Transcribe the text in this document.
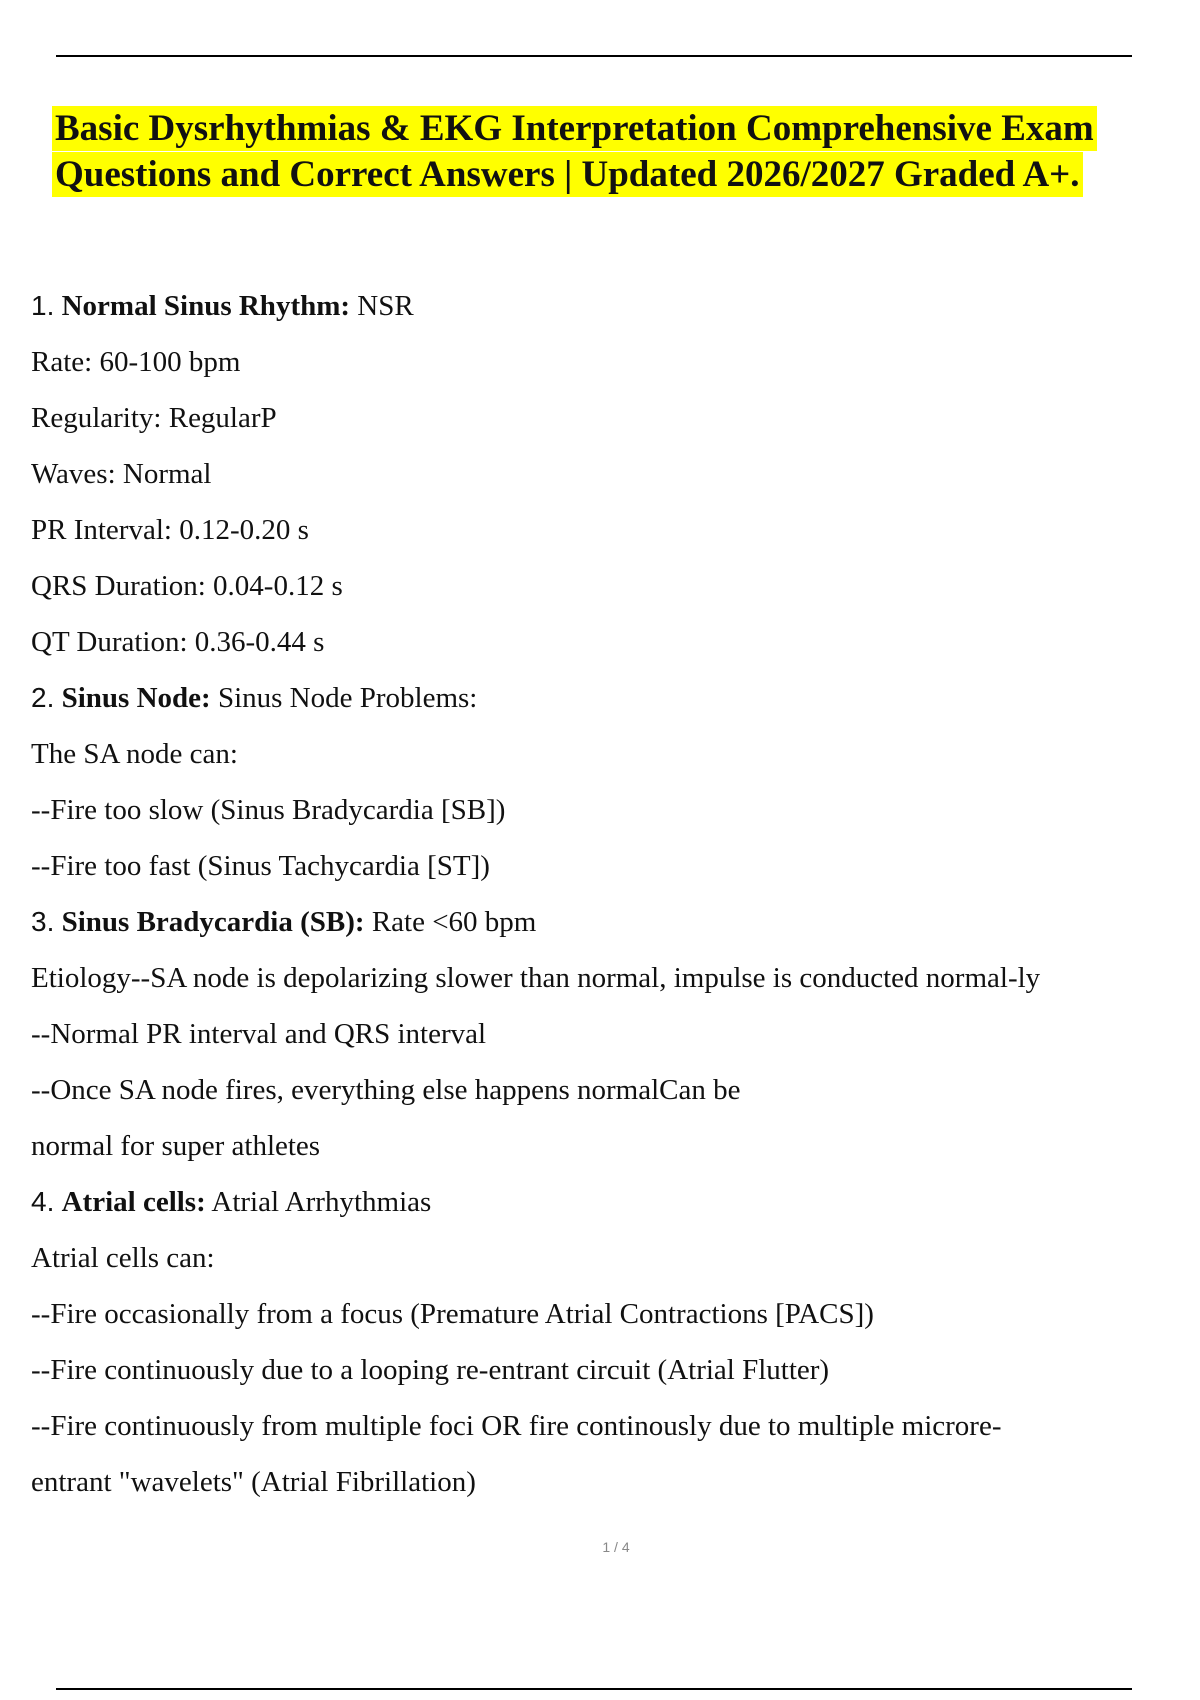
Basic Dysrhythmias & EKG Interpretation Comprehensive Exam
Questions and Correct Answers | Updated 2026/2027 Graded A+.
1. Normal Sinus Rhythm: NSR
Rate: 60-100 bpm
Regularity: RegularP
Waves: Normal
PR Interval: 0.12-0.20 s
QRS Duration: 0.04-0.12 s
QT Duration: 0.36-0.44 s
2. Sinus Node: Sinus Node Problems:
The SA node can:
--Fire too slow (Sinus Bradycardia [SB])
--Fire too fast (Sinus Tachycardia [ST])
3. Sinus Bradycardia (SB): Rate <60 bpm
Etiology--SA node is depolarizing slower than normal, impulse is conducted normal-ly
--Normal PR interval and QRS interval
--Once SA node fires, everything else happens normalCan be
normal for super athletes
4. Atrial cells: Atrial Arrhythmias
Atrial cells can:
--Fire occasionally from a focus (Premature Atrial Contractions [PACS])
--Fire continuously due to a looping re-entrant circuit (Atrial Flutter)
--Fire continuously from multiple foci OR fire continously due to multiple microre-
entrant "wavelets" (Atrial Fibrillation)
1 / 4
